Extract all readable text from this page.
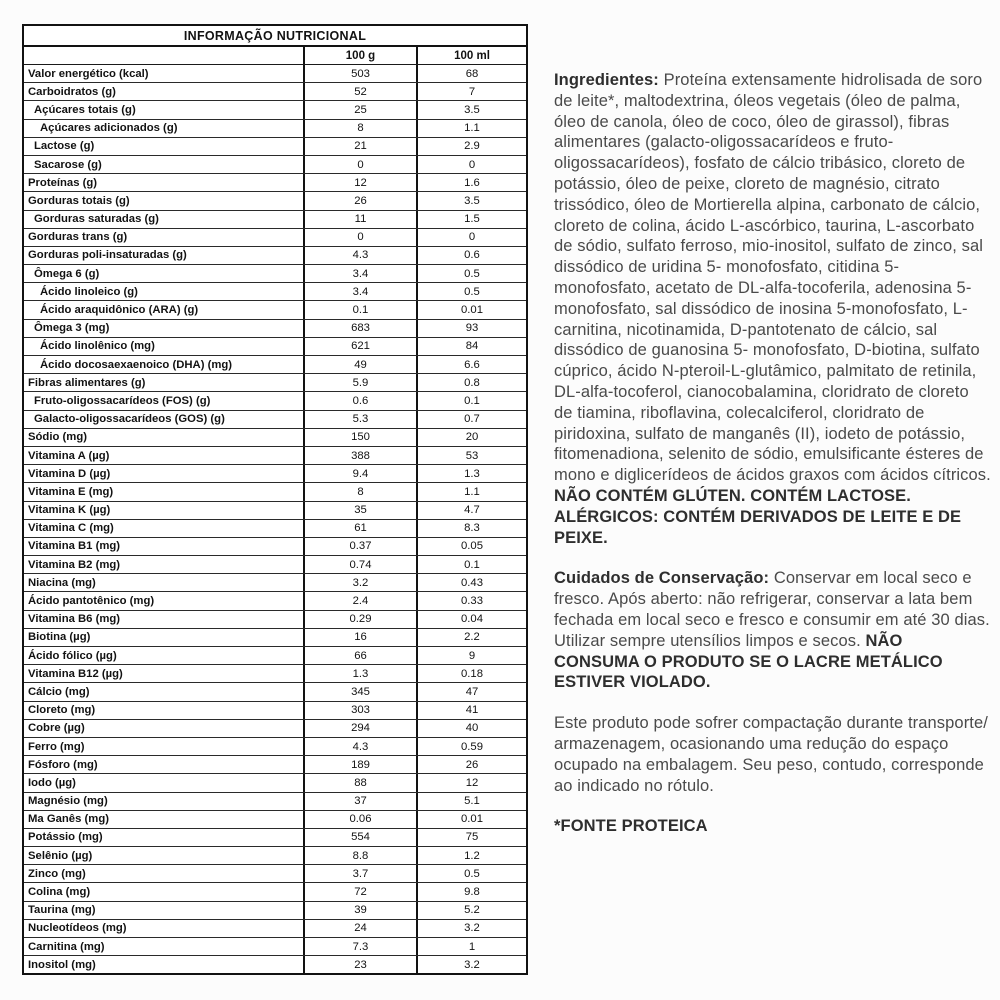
INFORMAÇÃO NUTRICIONAL
100 g	100 ml
Valor energético (kcal)	503	68
Carboidratos (g)	52	7
Açúcares totais (g)	25	3.5
Açúcares adicionados (g)	8	1.1
Lactose (g)	21	2.9
Sacarose (g)	0	0
Proteínas (g)	12	1.6
Gorduras totais (g)	26	3.5
Gorduras saturadas (g)	11	1.5
Gorduras trans (g)	0	0
Gorduras poli-insaturadas (g)	4.3	0.6
Ômega 6 (g)	3.4	0.5
Ácido linoleico (g)	3.4	0.5
Ácido araquidônico (ARA) (g)	0.1	0.01
Ômega 3 (mg)	683	93
Ácido linolênico (mg)	621	84
Ácido docosaexaenoico (DHA) (mg)	49	6.6
Fibras alimentares (g)	5.9	0.8
Fruto-oligossacarídeos (FOS) (g)	0.6	0.1
Galacto-oligossacarídeos (GOS) (g)	5.3	0.7
Sódio (mg)	150	20
Vitamina A (µg)	388	53
Vitamina D (µg)	9.4	1.3
Vitamina E (mg)	8	1.1
Vitamina K (µg)	35	4.7
Vitamina C (mg)	61	8.3
Vitamina B1 (mg)	0.37	0.05
Vitamina B2 (mg)	0.74	0.1
Niacina (mg)	3.2	0.43
Ácido pantotênico (mg)	2.4	0.33
Vitamina B6 (mg)	0.29	0.04
Biotina (µg)	16	2.2
Ácido fólico (µg)	66	9
Vitamina B12 (µg)	1.3	0.18
Cálcio (mg)	345	47
Cloreto (mg)	303	41
Cobre (µg)	294	40
Ferro (mg)	4.3	0.59
Fósforo (mg)	189	26
Iodo (µg)	88	12
Magnésio (mg)	37	5.1
Ma Ganês (mg)	0.06	0.01
Potássio (mg)	554	75
Selênio (µg)	8.8	1.2
Zinco (mg)	3.7	0.5
Colina (mg)	72	9.8
Taurina (mg)	39	5.2
Nucleotídeos (mg)	24	3.2
Carnitina (mg)	7.3	1
Inositol (mg)	23	3.2

Ingredientes: Proteína extensamente hidrolisada de soro de leite*, maltodextrina, óleos vegetais (óleo de palma, óleo de canola, óleo de coco, óleo de girassol), fibras alimentares (galacto-oligossacarídeos e fruto-oligossacarídeos), fosfato de cálcio tribásico, cloreto de potássio, óleo de peixe, cloreto de magnésio, citrato trissódico, óleo de Mortierella alpina, carbonato de cálcio, cloreto de colina, ácido L-ascórbico, taurina, L-ascorbato de sódio, sulfato ferroso, mio-inositol, sulfato de zinco, sal dissódico de uridina 5- monofosfato, citidina 5-monofosfato, acetato de DL-alfa-tocoferila, adenosina 5-monofosfato, sal dissódico de inosina 5-monofosfato, L-carnitina, nicotinamida, D-pantotenato de cálcio, sal dissódico de guanosina 5- monofosfato, D-biotina, sulfato cúprico, ácido N-pteroil-L-glutâmico, palmitato de retinila, DL-alfa-tocoferol, cianocobalamina, cloridrato de cloreto de tiamina, riboflavina, colecalciferol, cloridrato de piridoxina, sulfato de manganês (II), iodeto de potássio, fitomenadiona, selenito de sódio, emulsificante ésteres de mono e diglicerídeos de ácidos graxos com ácidos cítricos. NÃO CONTÉM GLÚTEN. CONTÉM LACTOSE. ALÉRGICOS: CONTÉM DERIVADOS DE LEITE E DE PEIXE.

Cuidados de Conservação: Conservar em local seco e fresco. Após aberto: não refrigerar, conservar a lata bem fechada em local seco e fresco e consumir em até 30 dias. Utilizar sempre utensílios limpos e secos. NÃO CONSUMA O PRODUTO SE O LACRE METÁLICO ESTIVER VIOLADO.

Este produto pode sofrer compactação durante transporte/ armazenagem, ocasionando uma redução do espaço ocupado na embalagem. Seu peso, contudo, corresponde ao indicado no rótulo.

*FONTE PROTEICA
